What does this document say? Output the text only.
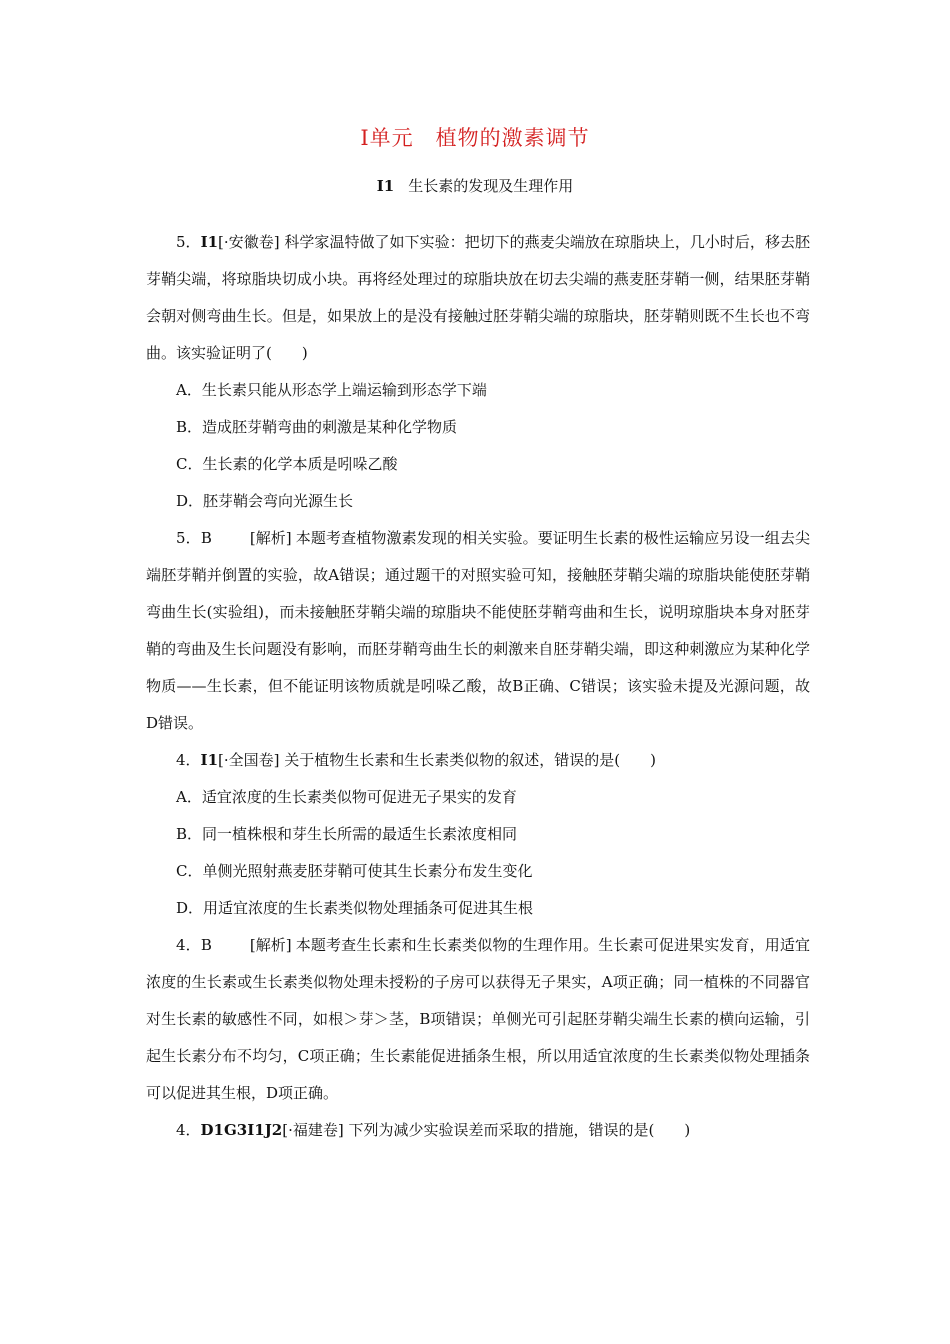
I单元 植物的激素调节
I1 生长素的发现及生理作用

5．I1[·安徽卷] 科学家温特做了如下实验：把切下的燕麦尖端放在琼脂块上，几小时后，移去胚芽鞘尖端，将琼脂块切成小块。再将经处理过的琼脂块放在切去尖端的燕麦胚芽鞘一侧，结果胚芽鞘会朝对侧弯曲生长。但是，如果放上的是没有接触过胚芽鞘尖端的琼脂块，胚芽鞘则既不生长也不弯曲。该实验证明了( )

A．生长素只能从形态学上端运输到形态学下端

B．造成胚芽鞘弯曲的刺激是某种化学物质

C．生长素的化学本质是吲哚乙酸

D．胚芽鞘会弯向光源生长

5．B	[解析] 本题考查植物激素发现的相关实验。要证明生长素的极性运输应另设一组去尖端胚芽鞘并倒置的实验，故A错误；通过题干的对照实验可知，接触胚芽鞘尖端的琼脂块能使胚芽鞘弯曲生长(实验组)，而未接触胚芽鞘尖端的琼脂块不能使胚芽鞘弯曲和生长，说明琼脂块本身对胚芽鞘的弯曲及生长问题没有影响，而胚芽鞘弯曲生长的刺激来自胚芽鞘尖端，即这种刺激应为某种化学物质——生长素，但不能证明该物质就是吲哚乙酸，故B正确、C错误；该实验未提及光源问题，故D错误。

4．I1[·全国卷] 关于植物生长素和生长素类似物的叙述，错误的是( )

A．适宜浓度的生长素类似物可促进无子果实的发育

B．同一植株根和芽生长所需的最适生长素浓度相同

C．单侧光照射燕麦胚芽鞘可使其生长素分布发生变化

D．用适宜浓度的生长素类似物处理插条可促进其生根

4．B	[解析] 本题考查生长素和生长素类似物的生理作用。生长素可促进果实发育，用适宜浓度的生长素或生长素类似物处理未授粉的子房可以获得无子果实，A项正确；同一植株的不同器官对生长素的敏感性不同，如根＞芽＞茎，B项错误；单侧光可引起胚芽鞘尖端生长素的横向运输，引起生长素分布不均匀，C项正确；生长素能促进插条生根，所以用适宜浓度的生长素类似物处理插条可以促进其生根，D项正确。

4．D1G3I1J2[·福建卷] 下列为减少实验误差而采取的措施，错误的是( )
